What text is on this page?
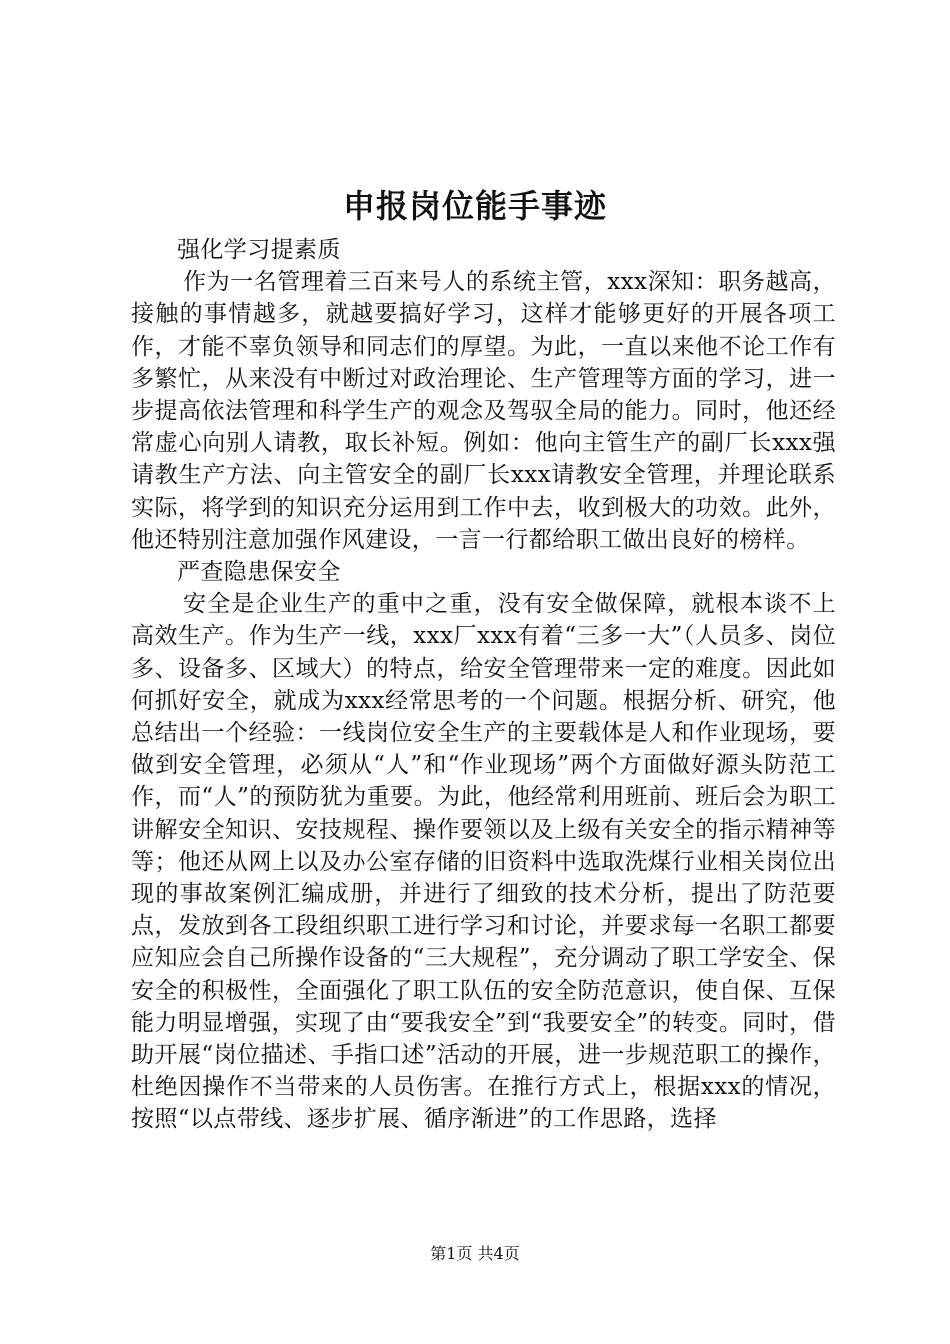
申报岗位能手事迹

强化学习提素质

作为一名管理着三百来号人的系统主管，xxx深知：职务越高，接触的事情越多，就越要搞好学习，这样才能够更好的开展各项工作，才能不辜负领导和同志们的厚望。为此，一直以来他不论工作有多繁忙，从来没有中断过对政治理论、生产管理等方面的学习，进一步提高依法管理和科学生产的观念及驾驭全局的能力。同时，他还经常虚心向别人请教，取长补短。例如：他向主管生产的副厂长xxx强请教生产方法、向主管安全的副厂长xxx请教安全管理，并理论联系实际，将学到的知识充分运用到工作中去，收到极大的功效。此外，他还特别注意加强作风建设，一言一行都给职工做出良好的榜样。

严查隐患保安全

安全是企业生产的重中之重，没有安全做保障，就根本谈不上高效生产。作为生产一线，xxx厂xxx有着“三多一大”（人员多、岗位多、设备多、区域大）的特点，给安全管理带来一定的难度。因此如何抓好安全，就成为xxx经常思考的一个问题。根据分析、研究，他总结出一个经验：一线岗位安全生产的主要载体是人和作业现场，要做到安全管理，必须从“人”和“作业现场”两个方面做好源头防范工作，而“人”的预防犹为重要。为此，他经常利用班前、班后会为职工讲解安全知识、安技规程、操作要领以及上级有关安全的指示精神等等；他还从网上以及办公室存储的旧资料中选取洗煤行业相关岗位出现的事故案例汇编成册，并进行了细致的技术分析，提出了防范要点，发放到各工段组织职工进行学习和讨论，并要求每一名职工都要应知应会自己所操作设备的“三大规程”，充分调动了职工学安全、保安全的积极性，全面强化了职工队伍的安全防范意识，使自保、互保能力明显增强，实现了由“要我安全”到“我要安全”的转变。同时，借助开展“岗位描述、手指口述”活动的开展，进一步规范职工的操作，杜绝因操作不当带来的人员伤害。在推行方式上，根据xxx的情况，按照“以点带线、逐步扩展、循序渐进”的工作思路，选择

第1页 共4页
